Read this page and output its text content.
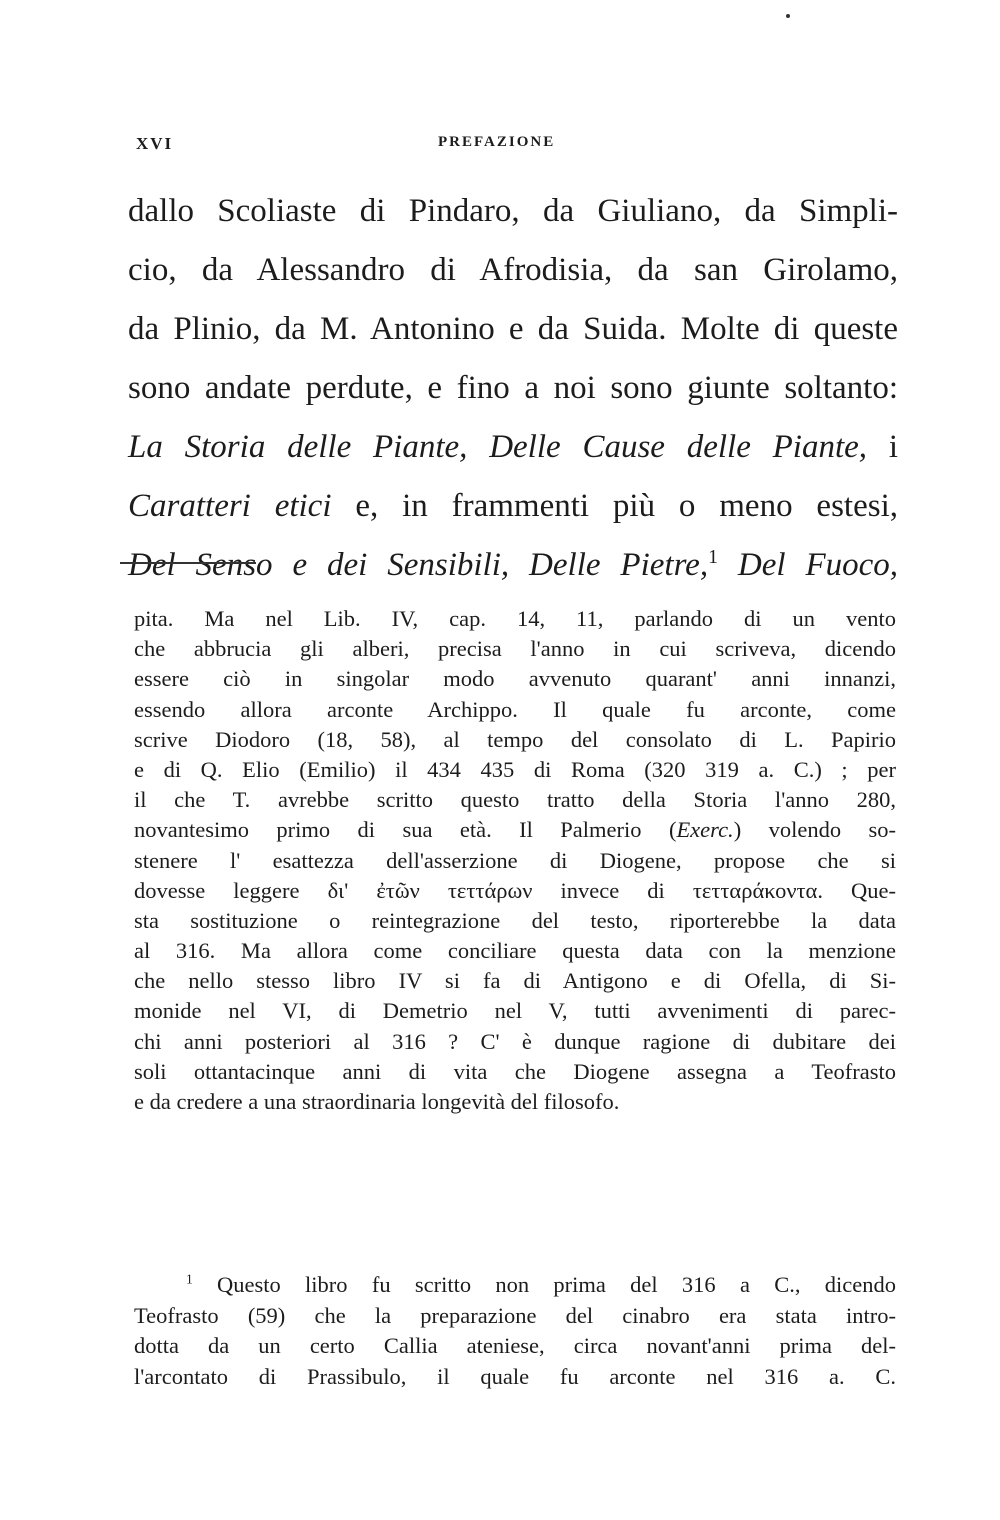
XVI	PREFAZIONE
dallo Scoliaste di Pindaro, da Giuliano, da Simpli-
cio, da Alessandro di Afrodisia, da san Girolamo,
da Plinio, da M. Antonino e da Suida. Molte di queste
sono andate perdute, e fino a noi sono giunte soltanto:
La Storia delle Piante, Delle Cause delle Piante, i
Caratteri etici e, in frammenti più o meno estesi,
Del Senso e dei Sensibili, Delle Pietre,$^1$ Del Fuoco,
pita. Ma nel Lib. IV, cap. 14, 11, parlando di un vento
che abbrucia gli alberi, precisa l'anno in cui scriveva, dicendo
essere ciò in singolar modo avvenuto quarant' anni innanzi,
essendo allora arconte Archippo. Il quale fu arconte, come
scrive Diodoro (18, 58), al tempo del consolato di L. Papirio
e di Q. Elio (Emilio) il 434 435 di Roma (320 319 a. C.) ; per
il che T. avrebbe scritto questo tratto della Storia l'anno 280,
novantesimo primo di sua età. Il Palmerio (Exerc.) volendo so-
stenere l' esattezza dell'asserzione di Diogene, propose che si
dovesse leggere δι' ἐτῶν τεττάρων invece di τετταράκοντα. Que-
sta sostituzione o reintegrazione del testo, riporterebbe la data
al 316. Ma allora come conciliare questa data con la menzione
che nello stesso libro IV si fa di Antigono e di Ofella, di Si-
monide nel VI, di Demetrio nel V, tutti avvenimenti di parec-
chi anni posteriori al 316 ? C' è dunque ragione di dubitare dei
soli ottantacinque anni di vita che Diogene assegna a Teofrasto
e da credere a una straordinaria longevità del filosofo.
$^1$ Questo libro fu scritto non prima del 316 a C., dicendo
Teofrasto (59) che la preparazione del cinabro era stata intro-
dotta da un certo Callia ateniese, circa novant'anni prima del-
l'arcontato di Prassibulo, il quale fu arconte nel 316 a. C.
